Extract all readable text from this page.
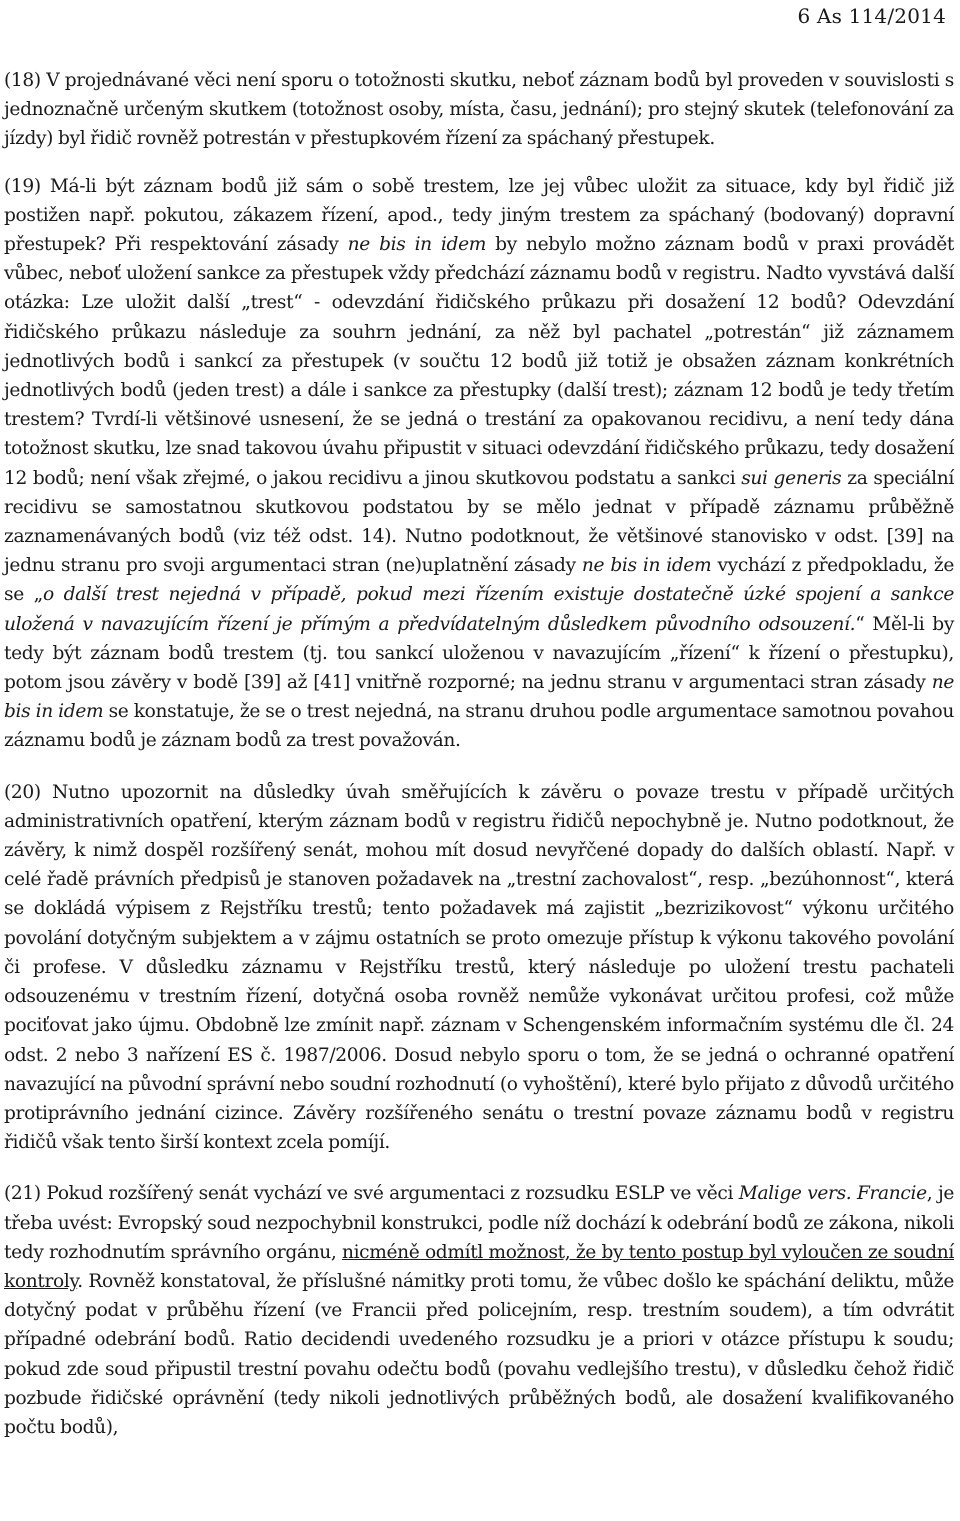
6 As 114/2014

(18) V projednávané věci není sporu o totožnosti skutku, neboť záznam bodů byl proveden v souvislosti s jednoznačně určeným skutkem (totožnost osoby, místa, času, jednání); pro stejný skutek (telefonování za jízdy) byl řidič rovněž potrestán v přestupkovém řízení za spáchaný přestupek.

(19) Má-li být záznam bodů již sám o sobě trestem, lze jej vůbec uložit za situace, kdy byl řidič již postižen např. pokutou, zákazem řízení, apod., tedy jiným trestem za spáchaný (bodovaný) dopravní přestupek? Při respektování zásady ne bis in idem by nebylo možno záznam bodů v praxi provádět vůbec, neboť uložení sankce za přestupek vždy předchází záznamu bodů v registru. Nadto vyvstává další otázka: Lze uložit další „trest“ - odevzdání řidičského průkazu při dosažení 12 bodů? Odevzdání řidičského průkazu následuje za souhrn jednání, za něž byl pachatel „potrestán“ již záznamem jednotlivých bodů i sankcí za přestupek (v součtu 12 bodů již totiž je obsažen záznam konkrétních jednotlivých bodů (jeden trest) a dále i sankce za přestupky (další trest); záznam 12 bodů je tedy třetím trestem? Tvrdí-li většinové usnesení, že se jedná o trestání za opakovanou recidivu, a není tedy dána totožnost skutku, lze snad takovou úvahu připustit v situaci odevzdání řidičského průkazu, tedy dosažení 12 bodů; není však zřejmé, o jakou recidivu a jinou skutkovou podstatu a sankci sui generis za speciální recidivu se samostatnou skutkovou podstatou by se mělo jednat v případě záznamu průběžně zaznamenávaných bodů (viz též odst. 14). Nutno podotknout, že většinové stanovisko v odst. [39] na jednu stranu pro svoji argumentaci stran (ne)uplatnění zásady ne bis in idem vychází z předpokladu, že se „o další trest nejedná v případě, pokud mezi řízením existuje dostatečně úzké spojení a sankce uložená v navazujícím řízení je přímým a předvídatelným důsledkem původního odsouzení.“ Měl-li by tedy být záznam bodů trestem (tj. tou sankcí uloženou v navazujícím „řízení“ k řízení o přestupku), potom jsou závěry v bodě [39] až [41] vnitřně rozporné; na jednu stranu v argumentaci stran zásady ne bis in idem se konstatuje, že se o trest nejedná, na stranu druhou podle argumentace samotnou povahou záznamu bodů je záznam bodů za trest považován.

(20) Nutno upozornit na důsledky úvah směřujících k závěru o povaze trestu v případě určitých administrativních opatření, kterým záznam bodů v registru řidičů nepochybně je. Nutno podotknout, že závěry, k nimž dospěl rozšířený senát, mohou mít dosud nevyřčené dopady do dalších oblastí. Např. v celé řadě právních předpisů je stanoven požadavek na „trestní zachovalost“, resp. „bezúhonnost“, která se dokládá výpisem z Rejstříku trestů; tento požadavek má zajistit „bezrizikovost“ výkonu určitého povolání dotyčným subjektem a v zájmu ostatních se proto omezuje přístup k výkonu takového povolání či profese. V důsledku záznamu v Rejstříku trestů, který následuje po uložení trestu pachateli odsouzenému v trestním řízení, dotyčná osoba rovněž nemůže vykonávat určitou profesi, což může pociťovat jako újmu. Obdobně lze zmínit např. záznam v Schengenském informačním systému dle čl. 24 odst. 2 nebo 3 nařízení ES č. 1987/2006. Dosud nebylo sporu o tom, že se jedná o ochranné opatření navazující na původní správní nebo soudní rozhodnutí (o vyhoštění), které bylo přijato z důvodů určitého protiprávního jednání cizince. Závěry rozšířeného senátu o trestní povaze záznamu bodů v registru řidičů však tento širší kontext zcela pomíjí.

(21) Pokud rozšířený senát vychází ve své argumentaci z rozsudku ESLP ve věci Malige vers. Francie, je třeba uvést: Evropský soud nezpochybnil konstrukci, podle níž dochází k odebrání bodů ze zákona, nikoli tedy rozhodnutím správního orgánu, nicméně odmítl možnost, že by tento postup byl vyloučen ze soudní kontroly. Rovněž konstatoval, že příslušné námitky proti tomu, že vůbec došlo ke spáchání deliktu, může dotyčný podat v průběhu řízení (ve Francii před policejním, resp. trestním soudem), a tím odvrátit případné odebrání bodů. Ratio decidendi uvedeného rozsudku je a priori v otázce přístupu k soudu; pokud zde soud připustil trestní povahu odečtu bodů (povahu vedlejšího trestu), v důsledku čehož řidič pozbude řidičské oprávnění (tedy nikoli jednotlivých průběžných bodů, ale dosažení kvalifikovaného počtu bodů),
